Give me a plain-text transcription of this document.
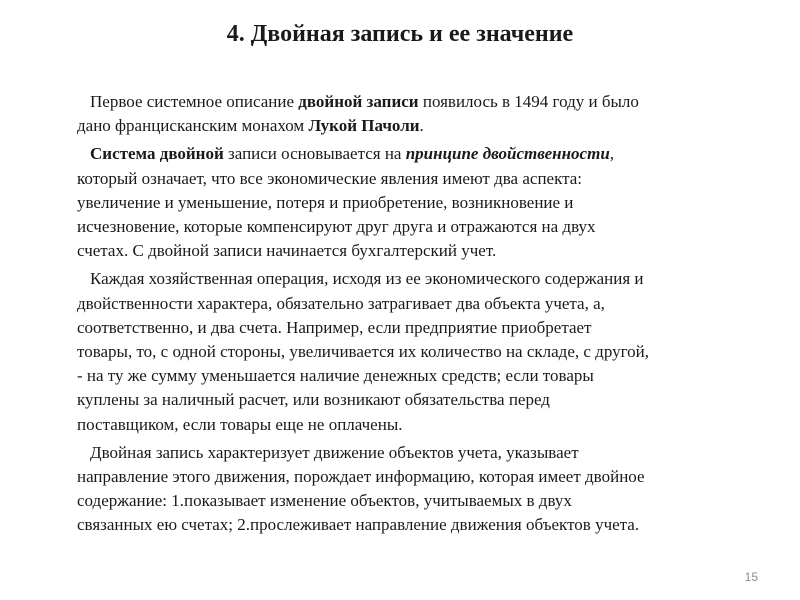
4. Двойная запись и ее значение
Первое системное описание двойной записи появилось в 1494 году и было
дано францисканским монахом Лукой Пачоли.
Система двойной записи основывается на принципе двойственности,
который означает, что все экономические явления имеют два аспекта:
увеличение и уменьшение, потеря и приобретение, возникновение и
исчезновение, которые компенсируют друг друга и отражаются на двух
счетах. С двойной записи начинается бухгалтерский учет.
Каждая хозяйственная операция, исходя из ее экономического содержания и
двойственности характера, обязательно затрагивает два объекта учета, а,
соответственно, и два счета. Например, если предприятие приобретает
товары, то, с одной стороны, увеличивается их количество на складе, с другой,
- на ту же сумму уменьшается наличие денежных средств; если товары
куплены за наличный расчет, или возникают обязательства перед
поставщиком, если товары еще не оплачены.
Двойная запись характеризует движение объектов учета, указывает
направление этого движения, порождает информацию, которая имеет двойное
содержание: 1.показывает изменение объектов, учитываемых в двух
связанных ею счетах; 2.прослеживает направление движения объектов учета.
15
